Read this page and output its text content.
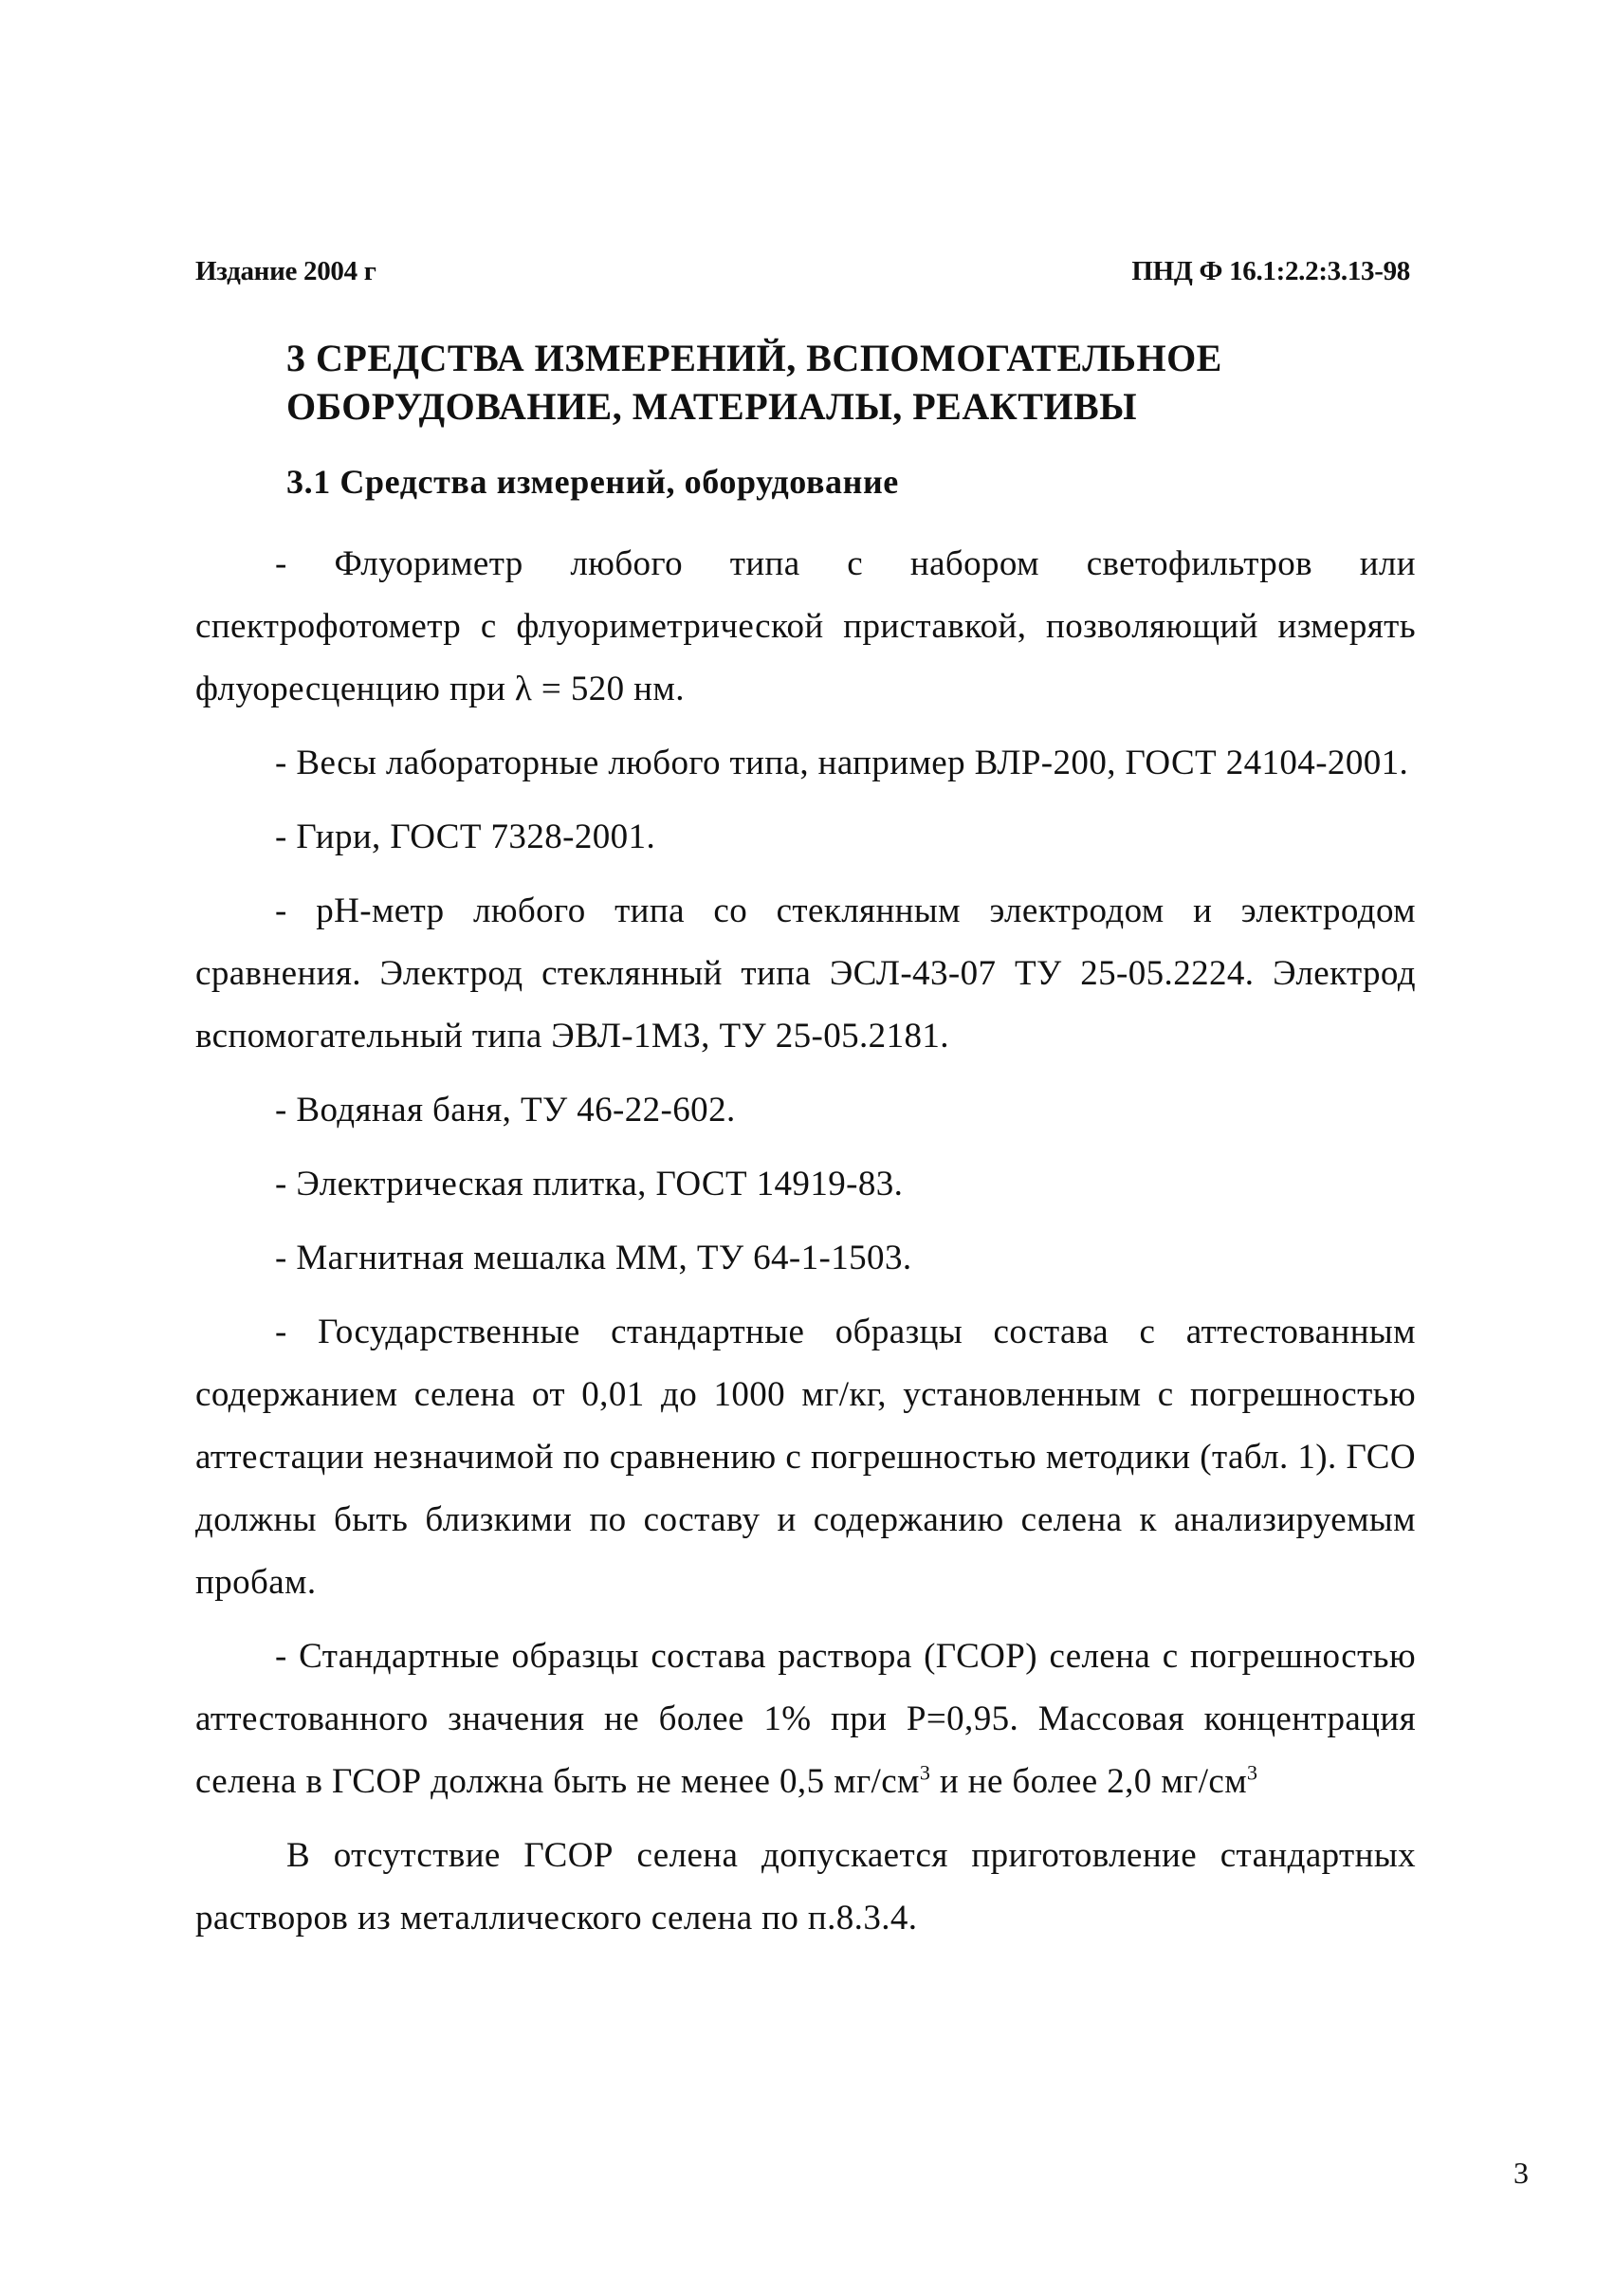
Издание 2004 г	ПНД Ф 16.1:2.2:3.13-98
3 СРЕДСТВА ИЗМЕРЕНИЙ, ВСПОМОГАТЕЛЬНОЕ ОБОРУДОВАНИЕ, МАТЕРИАЛЫ, РЕАКТИВЫ
3.1 Средства измерений, оборудование

- Флуориметр любого типа с набором светофильтров или спектрофотометр с флуориметрической приставкой, позволяющий измерять флуоресценцию при λ = 520 нм.

- Весы лабораторные любого типа, например ВЛР-200, ГОСТ 24104-2001.

- Гири, ГОСТ 7328-2001.

- рН-метр любого типа со стеклянным электродом и электродом сравнения. Электрод стеклянный типа ЭСЛ-43-07 ТУ 25-05.2224. Электрод вспомогательный типа ЭВЛ-1МЗ, ТУ 25-05.2181.

- Водяная баня, ТУ 46-22-602.

- Электрическая плитка, ГОСТ 14919-83.

- Магнитная мешалка ММ, ТУ 64-1-1503.

- Государственные стандартные образцы состава с аттестованным содержанием селена от 0,01 до 1000 мг/кг, установленным с погрешностью аттестации незначимой по сравнению с погрешностью методики (табл. 1). ГСО должны быть близкими по составу и содержанию селена к анализируемым пробам.

- Стандартные образцы состава раствора (ГСОР) селена с погрешностью аттестованного значения не более 1% при Р=0,95. Массовая концентрация селена в ГСОР должна быть не менее 0,5 $мг/см^3$ и не более 2,0 $мг/см^3$

В отсутствие ГСОР селена допускается приготовление стандартных растворов из металлического селена по п.8.3.4.

3
